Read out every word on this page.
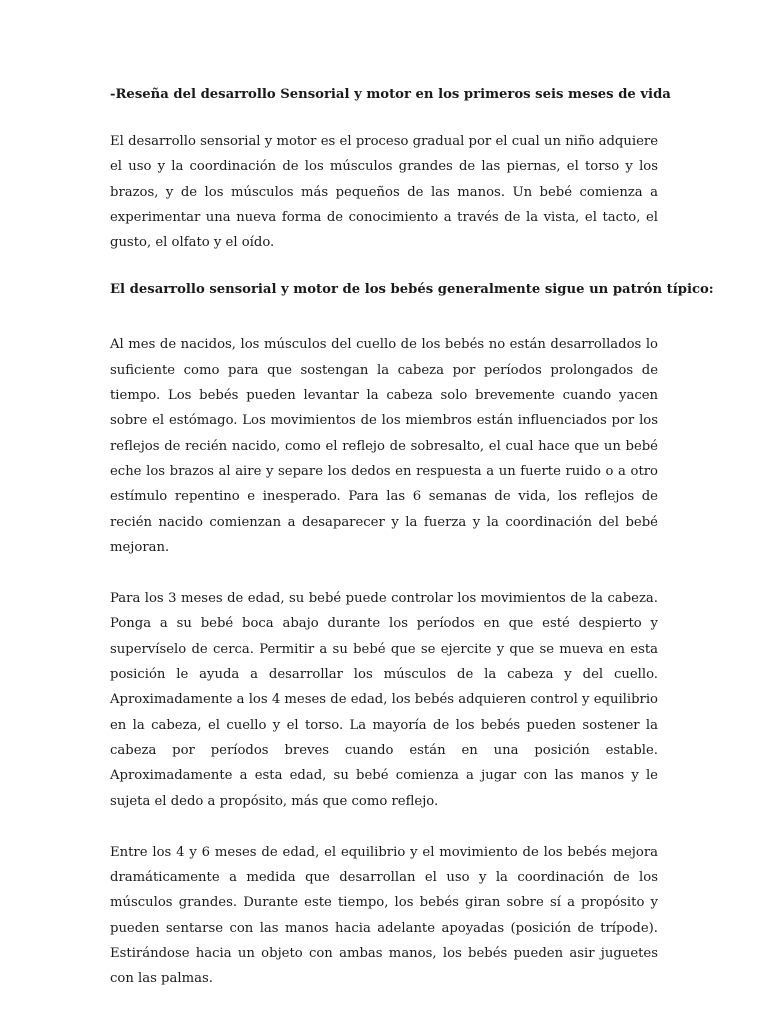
-Reseña del desarrollo Sensorial y motor en los primeros seis meses de vida

El desarrollo sensorial y motor es el proceso gradual por el cual un niño adquiere el uso y la coordinación de los músculos grandes de las piernas, el torso y los brazos, y de los músculos más pequeños de las manos. Un bebé comienza a experimentar una nueva forma de conocimiento a través de la vista, el tacto, el gusto, el olfato y el oído.

El desarrollo sensorial y motor de los bebés generalmente sigue un patrón típico:

Al mes de nacidos, los músculos del cuello de los bebés no están desarrollados lo suficiente como para que sostengan la cabeza por períodos prolongados de tiempo. Los bebés pueden levantar la cabeza solo brevemente cuando yacen sobre el estómago. Los movimientos de los miembros están influenciados por los reflejos de recién nacido, como el reflejo de sobresalto, el cual hace que un bebé eche los brazos al aire y separe los dedos en respuesta a un fuerte ruido o a otro estímulo repentino e inesperado. Para las 6 semanas de vida, los reflejos de recién nacido comienzan a desaparecer y la fuerza y la coordinación del bebé mejoran.

Para los 3 meses de edad, su bebé puede controlar los movimientos de la cabeza. Ponga a su bebé boca abajo durante los períodos en que esté despierto y supervíselo de cerca. Permitir a su bebé que se ejercite y que se mueva en esta posición le ayuda a desarrollar los músculos de la cabeza y del cuello. Aproximadamente a los 4 meses de edad, los bebés adquieren control y equilibrio en la cabeza, el cuello y el torso. La mayoría de los bebés pueden sostener la cabeza por períodos breves cuando están en una posición estable. Aproximadamente a esta edad, su bebé comienza a jugar con las manos y le sujeta el dedo a propósito, más que como reflejo.

Entre los 4 y 6 meses de edad, el equilibrio y el movimiento de los bebés mejora dramáticamente a medida que desarrollan el uso y la coordinación de los músculos grandes. Durante este tiempo, los bebés giran sobre sí a propósito y pueden sentarse con las manos hacia adelante apoyadas (posición de trípode). Estirándose hacia un objeto con ambas manos, los bebés pueden asir juguetes con las palmas.
